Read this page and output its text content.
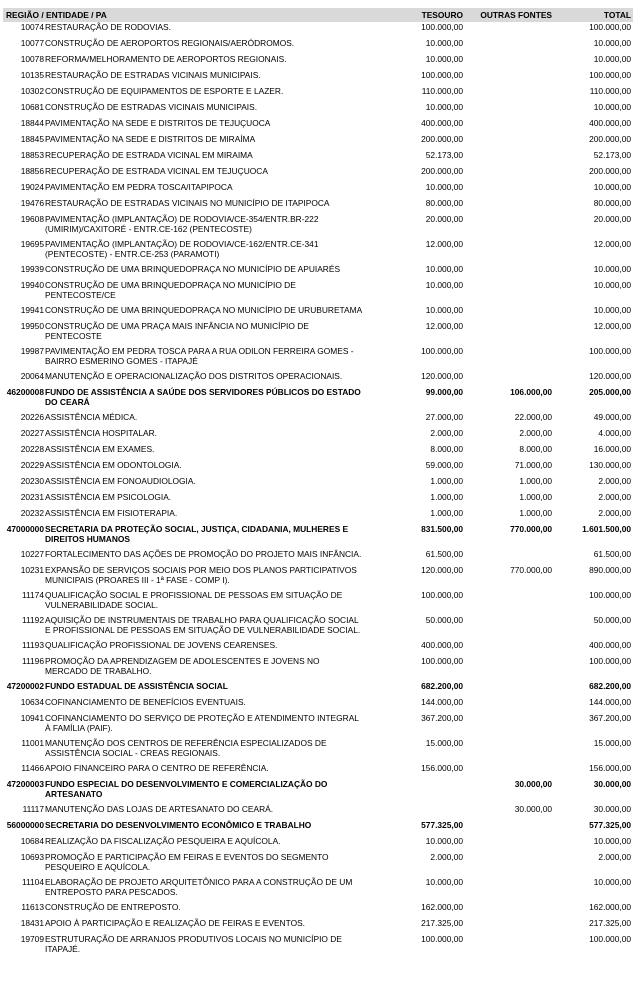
REGIÃO / ENTIDADE / PA		TESOURO	OUTRAS FONTES	TOTAL
10074	RESTAURAÇÃO DE RODOVIAS.	100.000,00		100.000,00
10077	CONSTRUÇÃO DE AEROPORTOS REGIONAIS/AERÓDROMOS.	10.000,00		10.000,00
10078	REFORMA/MELHORAMENTO DE AEROPORTOS REGIONAIS.	10.000,00		10.000,00
10135	RESTAURAÇÃO DE ESTRADAS VICINAIS MUNICIPAIS.	100.000,00		100.000,00
10302	CONSTRUÇÃO DE EQUIPAMENTOS DE ESPORTE E LAZER.	110.000,00		110.000,00
10681	CONSTRUÇÃO DE ESTRADAS VICINAIS MUNICIPAIS.	10.000,00		10.000,00
18844	PAVIMENTAÇÃO NA SEDE E DISTRITOS DE TEJUÇUOCA	400.000,00		400.000,00
18845	PAVIMENTAÇÃO NA SEDE E DISTRITOS DE MIRAÍMA	200.000,00		200.000,00
18853	RECUPERAÇÃO DE ESTRADA VICINAL EM MIRAIMA	52.173,00		52.173,00
18856	RECUPERAÇÃO DE ESTRADA VICINAL EM TEJUÇUOCA	200.000,00		200.000,00
19024	PAVIMENTAÇÃO EM PEDRA TOSCA/ITAPIPOCA	10.000,00		10.000,00
19476	RESTAURAÇÃO DE ESTRADAS VICINAIS NO MUNICÍPIO DE ITAPIPOCA	80.000,00		80.000,00
19608	PAVIMENTAÇÃO (IMPLANTAÇÃO) DE RODOVIA/CE-354/ENTR.BR-222
(UMIRIM)/CAXITORÉ - ENTR.CE-162 (PENTECOSTE)	20.000,00		20.000,00
19695	PAVIMENTAÇÃO (IMPLANTAÇÃO) DE RODOVIA/CE-162/ENTR.CE-341
(PENTECOSTE) - ENTR.CE-253 (PARAMOTI)	12.000,00		12.000,00
19939	CONSTRUÇÃO DE UMA BRINQUEDOPRAÇA NO MUNICÍPIO DE APUIARÉS	10.000,00		10.000,00
19940	CONSTRUÇÃO DE UMA BRINQUEDOPRAÇA NO MUNICÍPIO DE
PENTECOSTE/CE	10.000,00		10.000,00
19941	CONSTRUÇÃO DE UMA BRINQUEDOPRAÇA NO MUNICÍPIO DE URUBURETAMA	10.000,00		10.000,00
19950	CONSTRUÇÃO DE UMA PRAÇA MAIS INFÂNCIA NO MUNICÍPIO DE
PENTECOSTE	12.000,00		12.000,00
19987	PAVIMENTAÇÃO EM PEDRA TOSCA PARA A RUA ODILON FERREIRA GOMES -
BAIRRO ESMERINO GOMES - ITAPAJÉ	100.000,00		100.000,00
20064	MANUTENÇÃO E OPERACIONALIZAÇÃO DOS DISTRITOS OPERACIONAIS.	120.000,00		120.000,00
46200008	FUNDO DE ASSISTÊNCIA A SAÚDE DOS SERVIDORES PÚBLICOS DO ESTADO
DO CEARÁ	99.000,00	106.000,00	205.000,00
20226	ASSISTÊNCIA MÉDICA.	27.000,00	22.000,00	49.000,00
20227	ASSISTÊNCIA HOSPITALAR.	2.000,00	2.000,00	4.000,00
20228	ASSISTÊNCIA EM EXAMES.	8.000,00	8.000,00	16.000,00
20229	ASSISTÊNCIA EM ODONTOLOGIA.	59.000,00	71.000,00	130.000,00
20230	ASSISTÊNCIA EM FONOAUDIOLOGIA.	1.000,00	1.000,00	2.000,00
20231	ASSISTÊNCIA EM PSICOLOGIA.	1.000,00	1.000,00	2.000,00
20232	ASSISTÊNCIA EM FISIOTERAPIA.	1.000,00	1.000,00	2.000,00
47000000	SECRETARIA DA PROTEÇÃO SOCIAL, JUSTIÇA, CIDADANIA, MULHERES E
DIREITOS HUMANOS	831.500,00	770.000,00	1.601.500,00
10227	FORTALECIMENTO DAS AÇÕES DE PROMOÇÃO DO PROJETO MAIS INFÂNCIA.	61.500,00		61.500,00
10231	EXPANSÃO DE SERVIÇOS SOCIAIS POR MEIO DOS PLANOS PARTICIPATIVOS
MUNICIPAIS (PROARES III - 1ª FASE - COMP I).	120.000,00	770.000,00	890.000,00
11174	QUALIFICAÇÃO SOCIAL E PROFISSIONAL DE PESSOAS EM SITUAÇÃO DE
VULNERABILIDADE SOCIAL.	100.000,00		100.000,00
11192	AQUISIÇÃO DE INSTRUMENTAIS DE TRABALHO PARA QUALIFICAÇÃO SOCIAL
E PROFISSIONAL DE PESSOAS EM SITUAÇÃO DE VULNERABILIDADE SOCIAL.	50.000,00		50.000,00
11193	QUALIFICAÇÃO PROFISSIONAL DE JOVENS CEARENSES.	400.000,00		400.000,00
11196	PROMOÇÃO DA APRENDIZAGEM DE ADOLESCENTES E JOVENS NO
MERCADO DE TRABALHO.	100.000,00		100.000,00
47200002	FUNDO ESTADUAL DE ASSISTÊNCIA SOCIAL	682.200,00		682.200,00
10634	COFINANCIAMENTO DE BENEFÍCIOS EVENTUAIS.	144.000,00		144.000,00
10941	COFINANCIAMENTO DO SERVIÇO DE PROTEÇÃO E ATENDIMENTO INTEGRAL
À FAMÍLIA (PAIF).	367.200,00		367.200,00
11001	MANUTENÇÃO DOS CENTROS DE REFERÊNCIA ESPECIALIZADOS DE
ASSISTÊNCIA SOCIAL - CREAS REGIONAIS.	15.000,00		15.000,00
11466	APOIO FINANCEIRO PARA O CENTRO DE REFERÊNCIA.	156.000,00		156.000,00
47200003	FUNDO ESPECIAL DO DESENVOLVIMENTO E COMERCIALIZAÇÃO DO
ARTESANATO		30.000,00	30.000,00
11117	MANUTENÇÃO DAS LOJAS DE ARTESANATO DO CEARÁ.		30.000,00	30.000,00
56000000	SECRETARIA DO DESENVOLVIMENTO ECONÔMICO E TRABALHO	577.325,00		577.325,00
10684	REALIZAÇÃO DA FISCALIZAÇÃO PESQUEIRA E AQUÍCOLA.	10.000,00		10.000,00
10693	PROMOÇÃO E PARTICIPAÇÃO EM FEIRAS E EVENTOS DO SEGMENTO
PESQUEIRO E AQUÍCOLA.	2.000,00		2.000,00
11104	ELABORAÇÃO DE PROJETO ARQUITETÔNICO PARA A CONSTRUÇÃO DE UM
ENTREPOSTO PARA PESCADOS.	10.000,00		10.000,00
11613	CONSTRUÇÃO DE ENTREPOSTO.	162.000,00		162.000,00
18431	APOIO À PARTICIPAÇÃO E REALIZAÇÃO DE FEIRAS E EVENTOS.	217.325,00		217.325,00
19709	ESTRUTURAÇÃO DE ARRANJOS PRODUTIVOS LOCAIS NO MUNICÍPIO DE
ITAPAJÉ.	100.000,00		100.000,00
